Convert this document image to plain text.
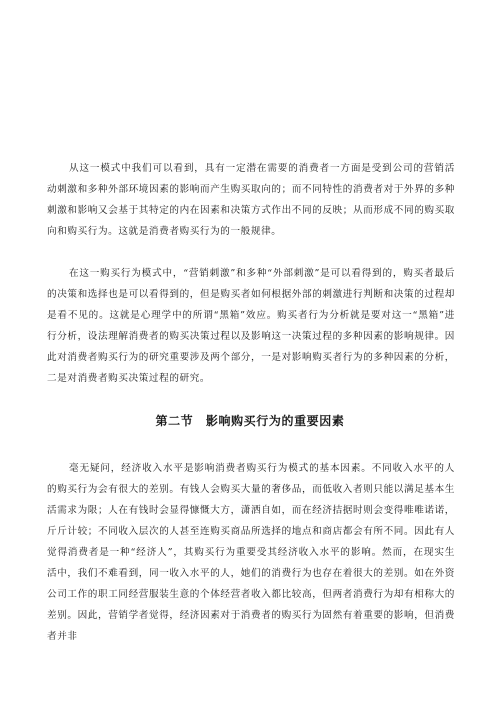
从这一模式中我们可以看到，具有一定潜在需要的消费者一方面是受到公司的营销活动刺激和多种外部环境因素的影响而产生购买取向的；而不同特性的消费者对于外界的多种刺激和影响又会基于其特定的内在因素和决策方式作出不同的反映；从而形成不同的购买取向和购买行为。这就是消费者购买行为的一般规律。

在这一购买行为模式中，“营销刺激”和多种“外部刺激”是可以看得到的，购买者最后的决策和选择也是可以看得到的，但是购买者如何根据外部的刺激进行判断和决策的过程却是看不见的。这就是心理学中的所谓“黑箱”效应。购买者行为分析就是要对这一“黑箱”进行分析，设法理解消费者的购买决策过程以及影响这一决策过程的多种因素的影响规律。因此对消费者购买行为的研究重要涉及两个部分，一是对影响购买者行为的多种因素的分析，二是对消费者购买决策过程的研究。

第二节　影响购买行为的重要因素

毫无疑问，经济收入水平是影响消费者购买行为模式的基本因素。不同收入水平的人的购买行为会有很大的差别。有钱人会购买大量的奢侈品，而低收入者则只能以满足基本生活需求为限；人在有钱时会显得慷慨大方，潇洒自如，而在经济拮据时则会变得唯唯诺诺，斤斤计较；不同收入层次的人甚至连购买商品所选择的地点和商店都会有所不同。因此有人觉得消费者是一种“经济人”，其购买行为重要受其经济收入水平的影响。然而，在现实生活中，我们不难看到，同一收入水平的人，她们的消费行为也存在着很大的差别。如在外资公司工作的职工同经营服装生意的个体经营者收入都比较高，但两者消费行为却有相称大的差别。因此，营销学者觉得，经济因素对于消费者的购买行为固然有着重要的影响，但消费者并非
